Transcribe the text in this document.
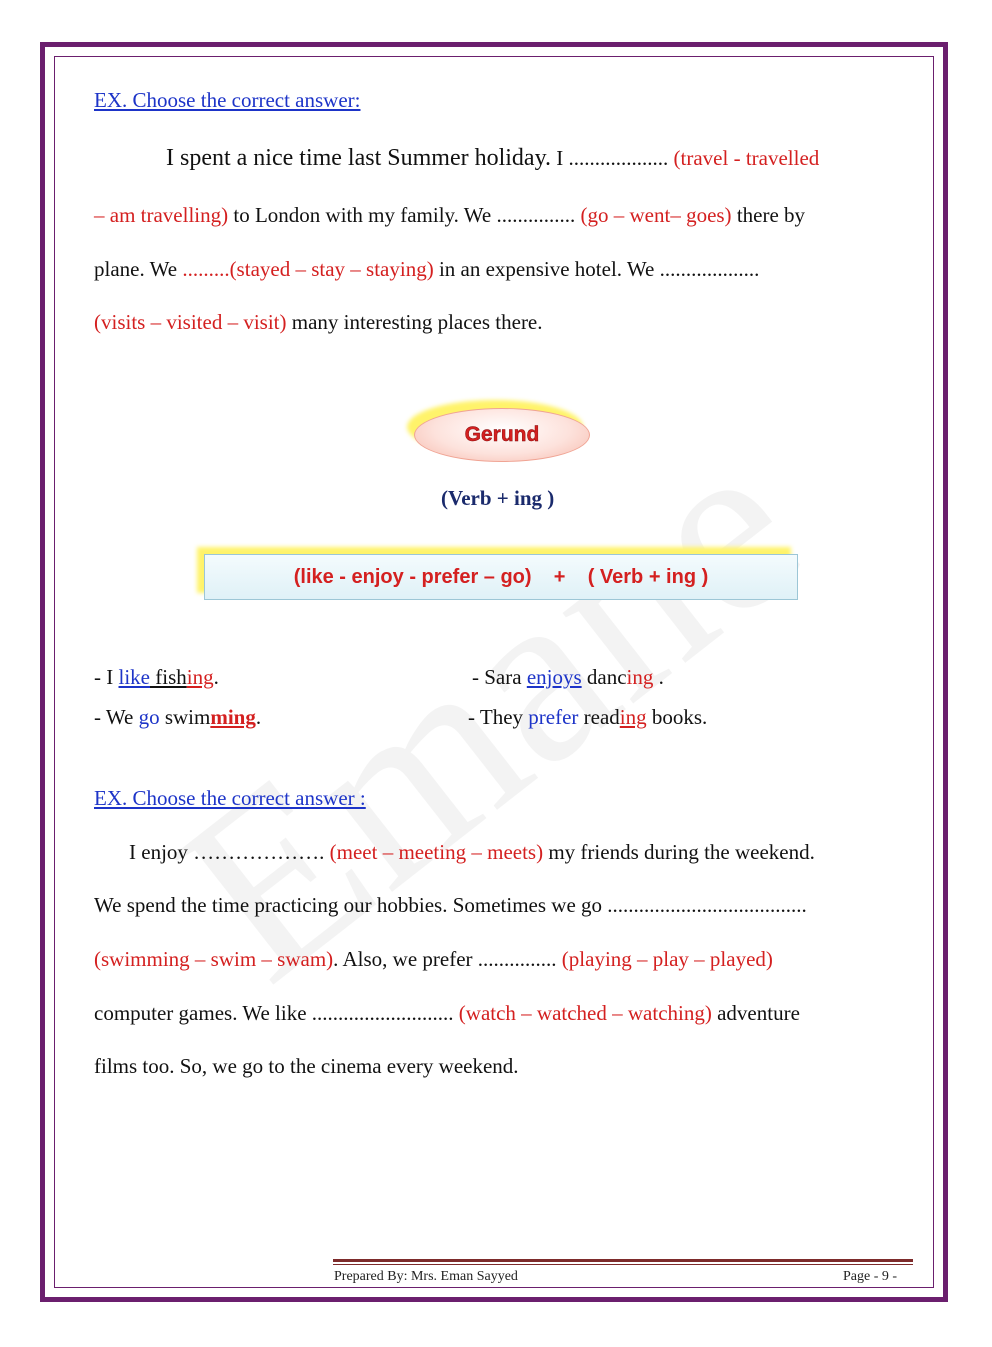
EX. Choose the correct answer:
I spent a nice time last Summer holiday. I ................... (travel - travelled
– am travelling) to London with my family. We ............... (go – went– goes) there by
plane. We .........(stayed – stay – staying) in an expensive hotel. We ...................
(visits – visited – visit) many interesting places there.
Gerund
(Verb + ing )
(like - enjoy - prefer – go)    +    ( Verb + ing )
- I like fishing.	- Sara enjoys dancing .
- We go swimming.	- They prefer reading books.
EX. Choose the correct answer :
I enjoy ………………. (meet – meeting – meets) my friends during the weekend.
We spend the time practicing our hobbies. Sometimes we go ......................................
(swimming – swim – swam). Also, we prefer ............... (playing – play – played)
computer games. We like ........................... (watch – watched – watching) adventure
films too. So, we go to the cinema every weekend.
Prepared By: Mrs. Eman Sayyed	Page - 9 -
